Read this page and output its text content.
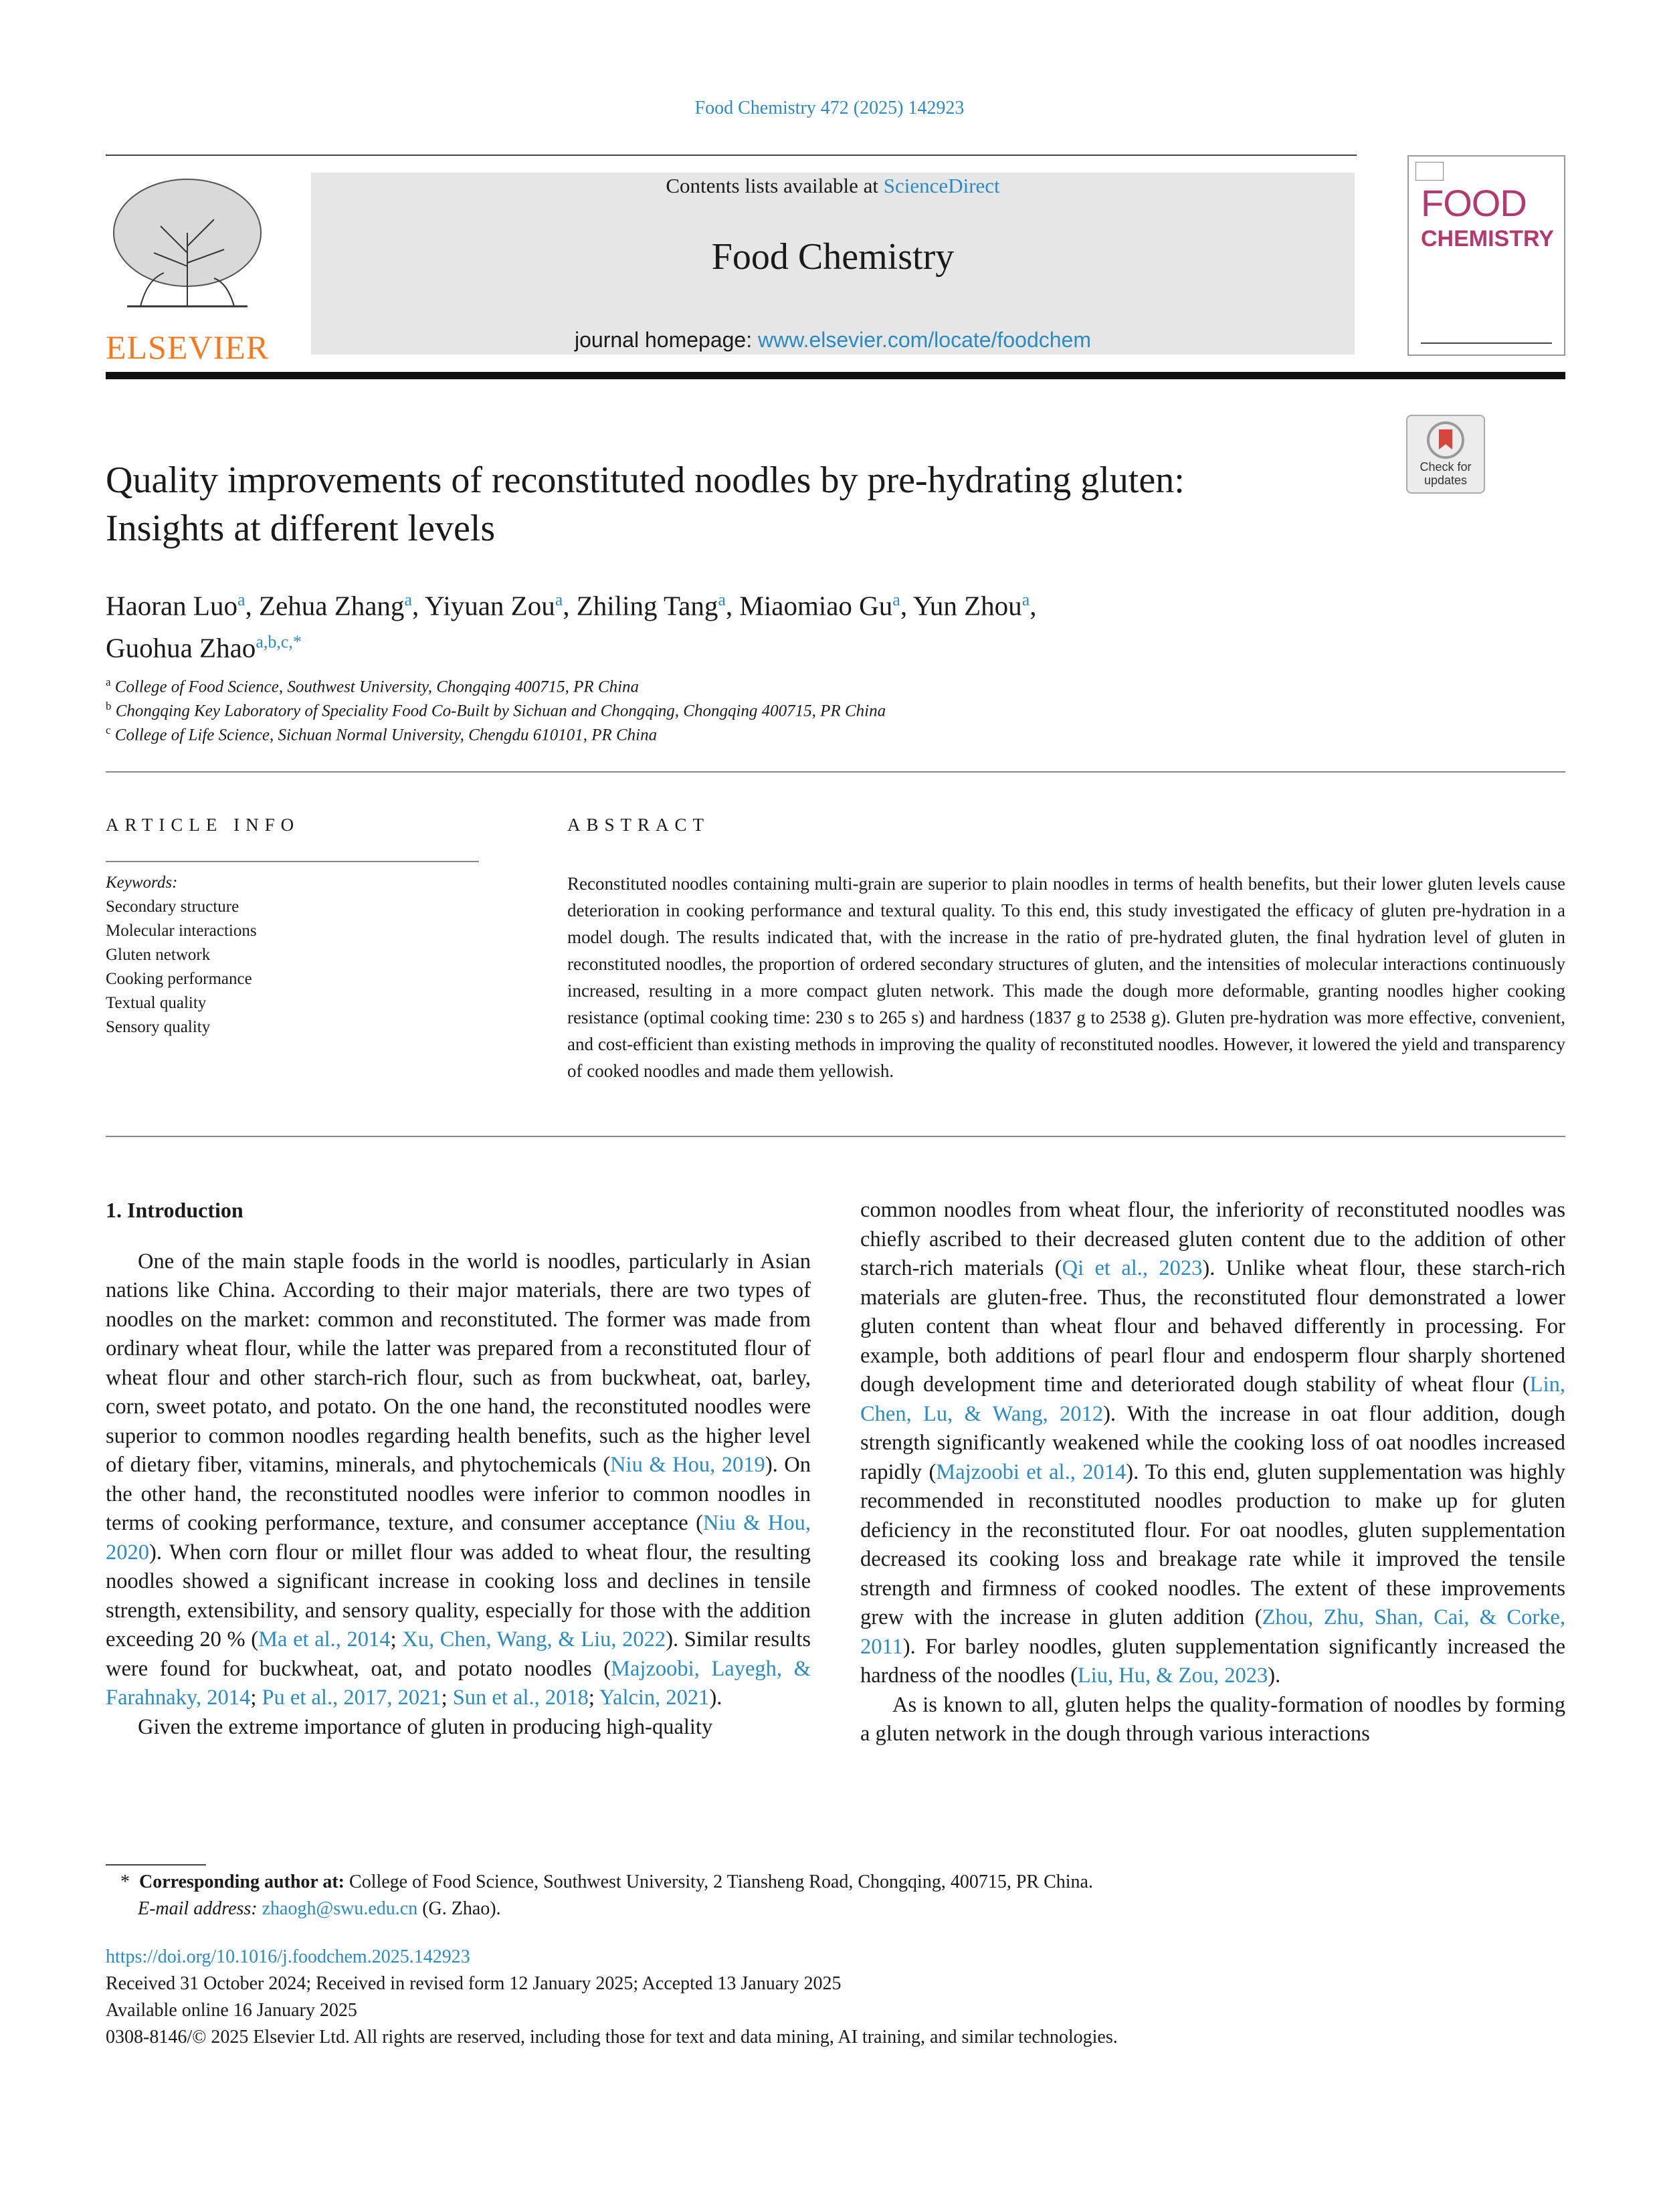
Food Chemistry 472 (2025) 142923
ELSEVIER
Contents lists available at ScienceDirect
Food Chemistry
journal homepage: www.elsevier.com/locate/foodchem
FOOD
CHEMISTRY
Check for updates
Quality improvements of reconstituted noodles by pre-hydrating gluten:
Insights at different levels
Haoran Luo$^a$, Zehua Zhang$^a$, Yiyuan Zou$^a$, Zhiling Tang$^a$, Miaomiao Gu$^a$, Yun Zhou$^a$,
Guohua Zhao$^{a,b,c,*}$
$^a$ College of Food Science, Southwest University, Chongqing 400715, PR China
$^b$ Chongqing Key Laboratory of Speciality Food Co-Built by Sichuan and Chongqing, Chongqing 400715, PR China
$^c$ College of Life Science, Sichuan Normal University, Chengdu 610101, PR China
ARTICLE INFO	ABSTRACT
Keywords:
Secondary structure
Molecular interactions
Gluten network
Cooking performance
Textual quality
Sensory quality
Reconstituted noodles containing multi-grain are superior to plain noodles in terms of health benefits, but their lower gluten levels cause deterioration in cooking performance and textural quality. To this end, this study investigated the efficacy of gluten pre-hydration in a model dough. The results indicated that, with the increase in the ratio of pre-hydrated gluten, the final hydration level of gluten in reconstituted noodles, the proportion of ordered secondary structures of gluten, and the intensities of molecular interactions continuously increased, resulting in a more compact gluten network. This made the dough more deformable, granting noodles higher cooking resistance (optimal cooking time: 230 s to 265 s) and hardness (1837 g to 2538 g). Gluten pre-hydration was more effective, convenient, and cost-efficient than existing methods in improving the quality of reconstituted noodles. However, it lowered the yield and transparency of cooked noodles and made them yellowish.
1. Introduction

One of the main staple foods in the world is noodles, particularly in Asian nations like China. According to their major materials, there are two types of noodles on the market: common and reconstituted. The former was made from ordinary wheat flour, while the latter was prepared from a reconstituted flour of wheat flour and other starch-rich flour, such as from buckwheat, oat, barley, corn, sweet potato, and potato. On the one hand, the reconstituted noodles were superior to common noodles regarding health benefits, such as the higher level of dietary fiber, vitamins, minerals, and phytochemicals (Niu & Hou, 2019). On the other hand, the reconstituted noodles were inferior to common noodles in terms of cooking performance, texture, and consumer acceptance (Niu & Hou, 2020). When corn flour or millet flour was added to wheat flour, the resulting noodles showed a significant increase in cooking loss and declines in tensile strength, extensibility, and sensory quality, especially for those with the addition exceeding 20 % (Ma et al., 2014; Xu, Chen, Wang, & Liu, 2022). Similar results were found for buckwheat, oat, and potato noodles (Majzoobi, Layegh, & Farahnaky, 2014; Pu et al., 2017, 2021; Sun et al., 2018; Yalcin, 2021).

Given the extreme importance of gluten in producing high-quality

common noodles from wheat flour, the inferiority of reconstituted noodles was chiefly ascribed to their decreased gluten content due to the addition of other starch-rich materials (Qi et al., 2023). Unlike wheat flour, these starch-rich materials are gluten-free. Thus, the reconstituted flour demonstrated a lower gluten content than wheat flour and behaved differently in processing. For example, both additions of pearl flour and endosperm flour sharply shortened dough development time and deteriorated dough stability of wheat flour (Lin, Chen, Lu, & Wang, 2012). With the increase in oat flour addition, dough strength significantly weakened while the cooking loss of oat noodles increased rapidly (Majzoobi et al., 2014). To this end, gluten supplementation was highly recommended in reconstituted noodles production to make up for gluten deficiency in the reconstituted flour. For oat noodles, gluten supplementation decreased its cooking loss and breakage rate while it improved the tensile strength and firmness of cooked noodles. The extent of these improvements grew with the increase in gluten addition (Zhou, Zhu, Shan, Cai, & Corke, 2011). For barley noodles, gluten supplementation significantly increased the hardness of the noodles (Liu, Hu, & Zou, 2023).

As is known to all, gluten helps the quality-formation of noodles by forming a gluten network in the dough through various interactions

* Corresponding author at: College of Food Science, Southwest University, 2 Tiansheng Road, Chongqing, 400715, PR China.
E-mail address: zhaogh@swu.edu.cn (G. Zhao).
https://doi.org/10.1016/j.foodchem.2025.142923
Received 31 October 2024; Received in revised form 12 January 2025; Accepted 13 January 2025
Available online 16 January 2025
0308-8146/© 2025 Elsevier Ltd. All rights are reserved, including those for text and data mining, AI training, and similar technologies.
